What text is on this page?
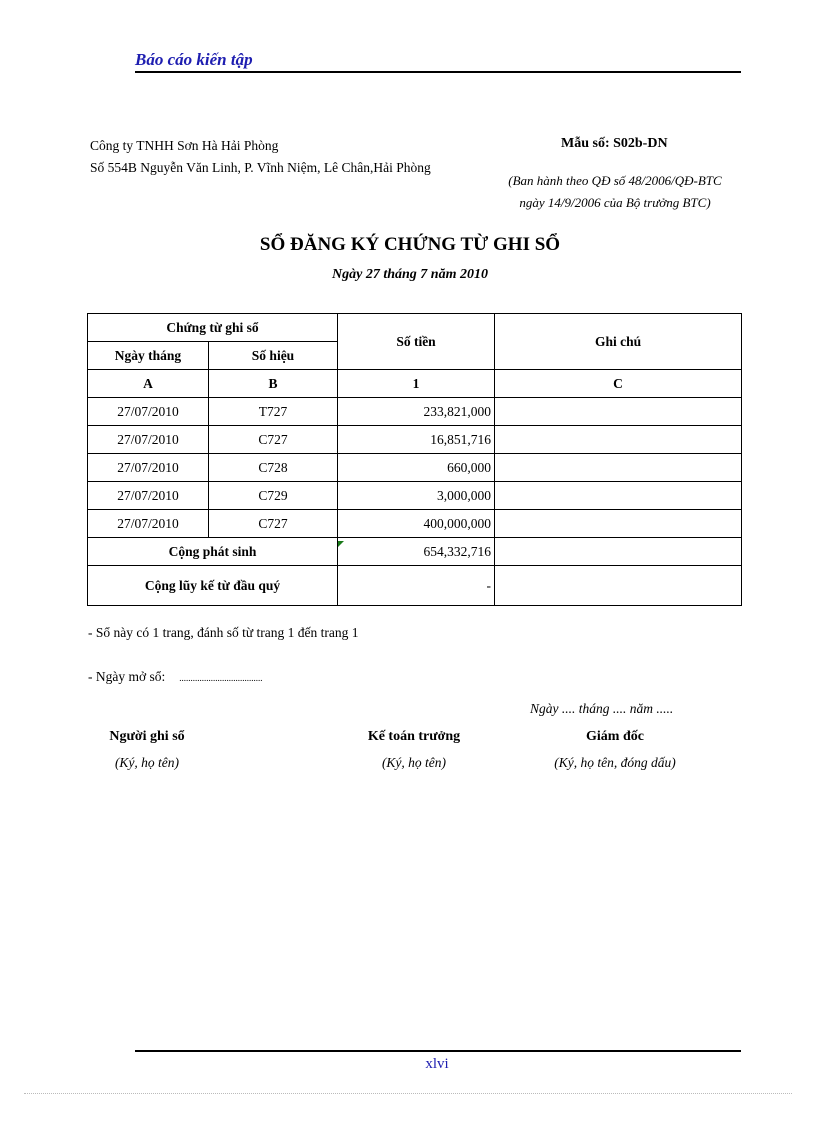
Báo cáo kiến tập
Công ty TNHH Sơn Hà Hải Phòng
Số 554B Nguyễn Văn Linh, P. Vĩnh Niệm, Lê Chân,Hải Phòng
Mẫu số: S02b-DN
(Ban hành theo QĐ số 48/2006/QĐ-BTC
ngày 14/9/2006 của Bộ trưởng BTC)
SỔ ĐĂNG KÝ CHỨNG TỪ GHI SỔ
Ngày 27 tháng 7 năm 2010
Chứng từ ghi sổ		Số tiền	Ghi chú
Ngày tháng	Số hiệu		
A	B	1	C
27/07/2010	T727	233,821,000	
27/07/2010	C727	16,851,716	
27/07/2010	C728	660,000	
27/07/2010	C729	3,000,000	
27/07/2010	C727	400,000,000	
Cộng phát sinh		654,332,716	
Cộng lũy kế từ đầu quý		-	
- Sổ này có 1 trang, đánh số từ trang 1 đến trang 1
- Ngày mở sổ: .....................................
Ngày .... tháng .... năm .....
Người ghi sổ
(Ký, họ tên)
Kế toán trưởng
(Ký, họ tên)
Giám đốc
(Ký, họ tên, đóng dấu)
xlvi
